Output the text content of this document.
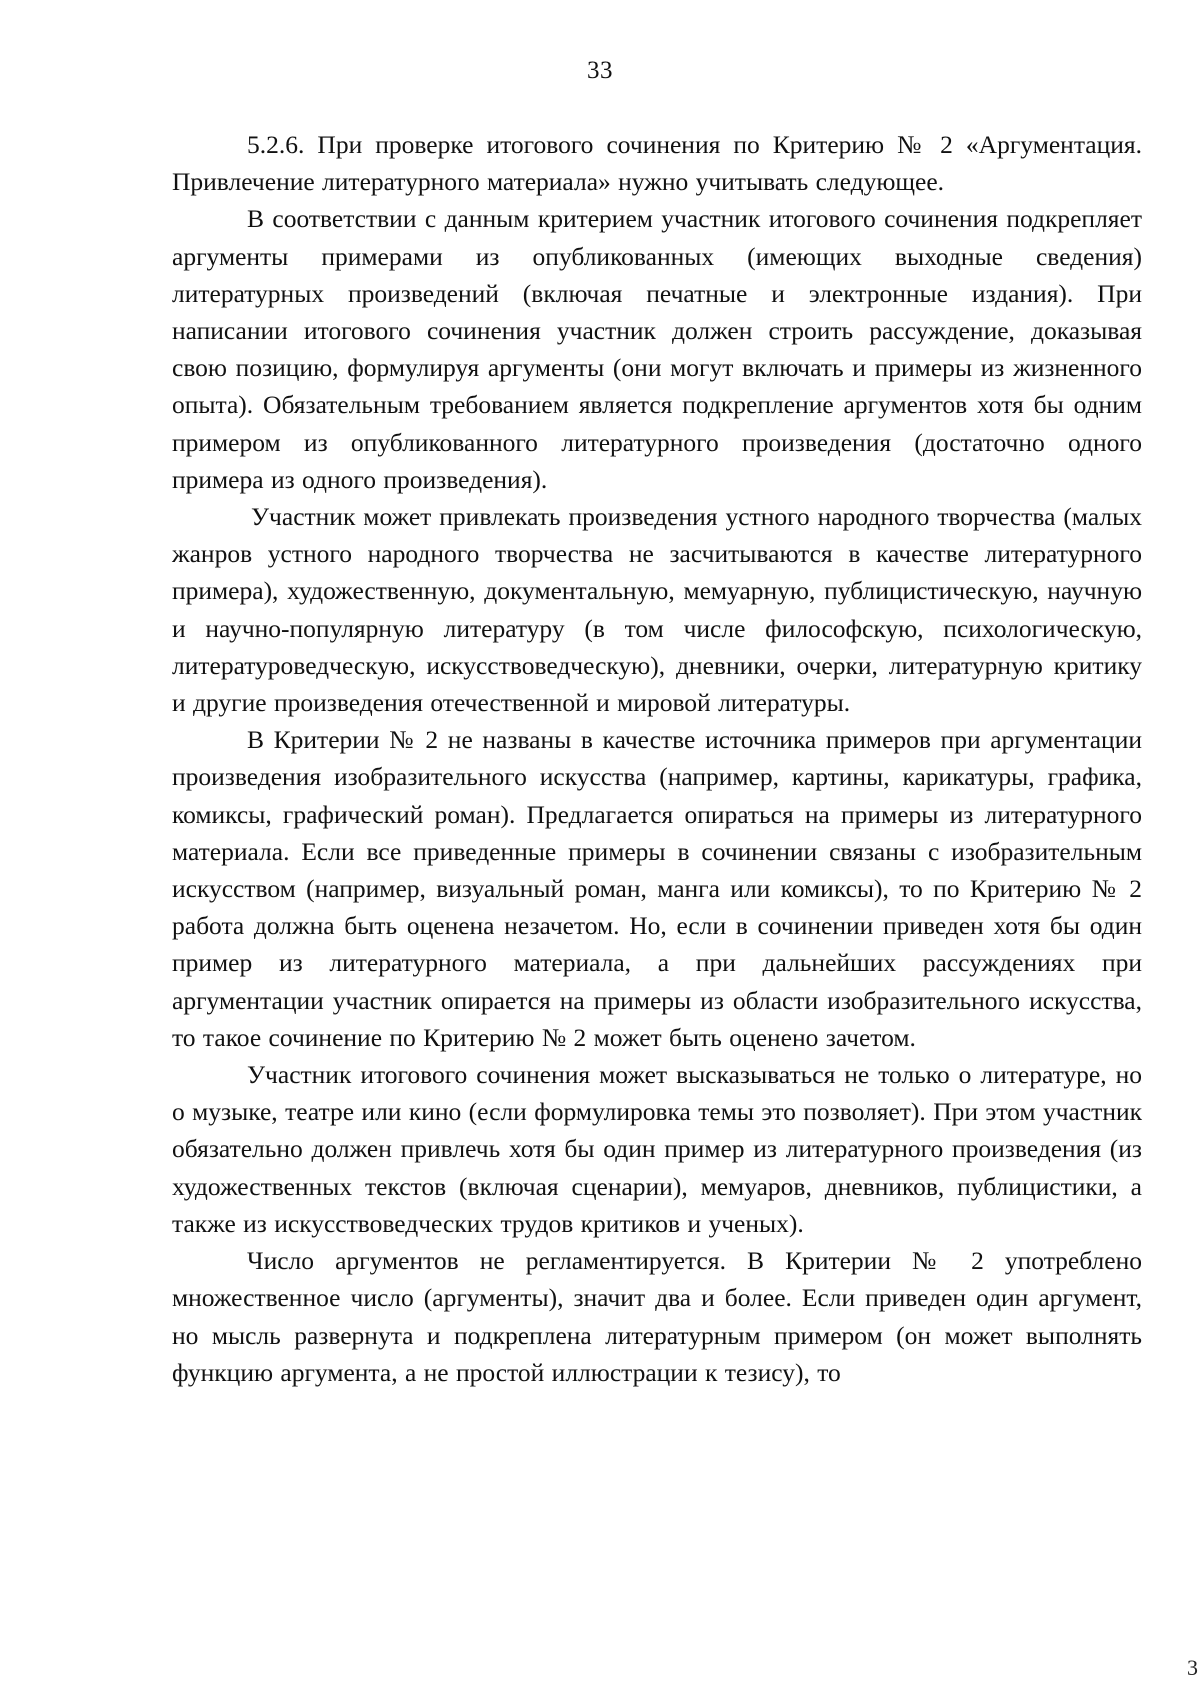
33

5.2.6. При проверке итогового сочинения по Критерию № 2 «Аргументация. Привлечение литературного материала» нужно учитывать следующее.

В соответствии с данным критерием участник итогового сочинения подкрепляет аргументы примерами из опубликованных (имеющих выходные сведения) литературных произведений (включая печатные и электронные издания). При написании итогового сочинения участник должен строить рассуждение, доказывая свою позицию, формулируя аргументы (они могут включать и примеры из жизненного опыта). Обязательным требованием является подкрепление аргументов хотя бы одним примером из опубликованного литературного произведения (достаточно одного примера из одного произведения).

Участник может привлекать произведения устного народного творчества (малых жанров устного народного творчества не засчитываются в качестве литературного примера), художественную, документальную, мемуарную, публицистическую, научную и научно-популярную литературу (в том числе философскую, психологическую, литературоведческую, искусствоведческую), дневники, очерки, литературную критику и другие произведения отечественной и мировой литературы.

В Критерии № 2 не названы в качестве источника примеров при аргументации произведения изобразительного искусства (например, картины, карикатуры, графика, комиксы, графический роман). Предлагается опираться на примеры из литературного материала. Если все приведенные примеры в сочинении связаны с изобразительным искусством (например, визуальный роман, манга или комиксы), то по Критерию № 2 работа должна быть оценена незачетом. Но, если в сочинении приведен хотя бы один пример из литературного материала, а при дальнейших рассуждениях при аргументации участник опирается на примеры из области изобразительного искусства, то такое сочинение по Критерию № 2 может быть оценено зачетом.

Участник итогового сочинения может высказываться не только о литературе, но о музыке, театре или кино (если формулировка темы это позволяет). При этом участник обязательно должен привлечь хотя бы один пример из литературного произведения (из художественных текстов (включая сценарии), мемуаров, дневников, публицистики, а также из искусствоведческих трудов критиков и ученых).

Число аргументов не регламентируется. В Критерии № 2 употреблено множественное число (аргументы), значит два и более. Если приведен один аргумент, но мысль развернута и подкреплена литературным примером (он может выполнять функцию аргумента, а не простой иллюстрации к тезису), то

3
